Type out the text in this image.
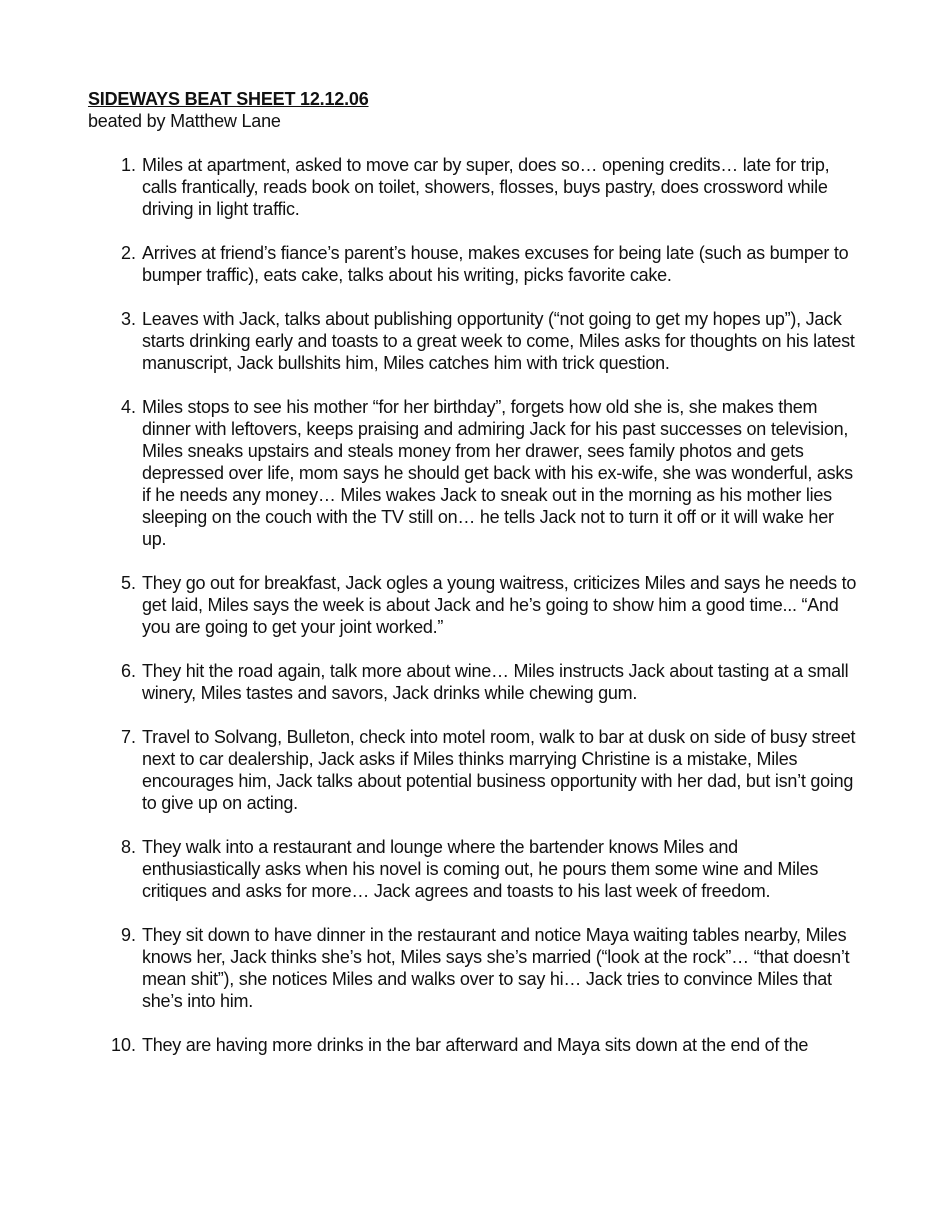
SIDEWAYS BEAT SHEET 12.12.06

beated by Matthew Lane

1. Miles at apartment, asked to move car by super, does so… opening credits… late for trip, calls frantically, reads book on toilet, showers, flosses, buys pastry, does crossword while driving in light traffic.
2. Arrives at friend’s fiance’s parent’s house, makes excuses for being late (such as bumper to bumper traffic), eats cake, talks about his writing, picks favorite cake.
3. Leaves with Jack, talks about publishing opportunity (“not going to get my hopes up”), Jack starts drinking early and toasts to a great week to come, Miles asks for thoughts on his latest manuscript, Jack bullshits him, Miles catches him with trick question.
4. Miles stops to see his mother “for her birthday”, forgets how old she is, she makes them dinner with leftovers, keeps praising and admiring Jack for his past successes on television, Miles sneaks upstairs and steals money from her drawer, sees family photos and gets depressed over life, mom says he should get back with his ex-wife, she was wonderful, asks if he needs any money… Miles wakes Jack to sneak out in the morning as his mother lies sleeping on the couch with the TV still on… he tells Jack not to turn it off or it will wake her up.
5. They go out for breakfast, Jack ogles a young waitress, criticizes Miles and says he needs to get laid, Miles says the week is about Jack and he’s going to show him a good time... “And you are going to get your joint worked.”
6. They hit the road again, talk more about wine… Miles instructs Jack about tasting at a small winery, Miles tastes and savors, Jack drinks while chewing gum.
7. Travel to Solvang, Bulleton, check into motel room, walk to bar at dusk on side of busy street next to car dealership, Jack asks if Miles thinks marrying Christine is a mistake, Miles encourages him, Jack talks about potential business opportunity with her dad, but isn’t going to give up on acting.
8. They walk into a restaurant and lounge where the bartender knows Miles and enthusiastically asks when his novel is coming out, he pours them some wine and Miles critiques and asks for more… Jack agrees and toasts to his last week of freedom.
9. They sit down to have dinner in the restaurant and notice Maya waiting tables nearby, Miles knows her, Jack thinks she’s hot, Miles says she’s married (“look at the rock”… “that doesn’t mean shit”), she notices Miles and walks over to say hi… Jack tries to convince Miles that she’s into him.
10. They are having more drinks in the bar afterward and Maya sits down at the end of the
